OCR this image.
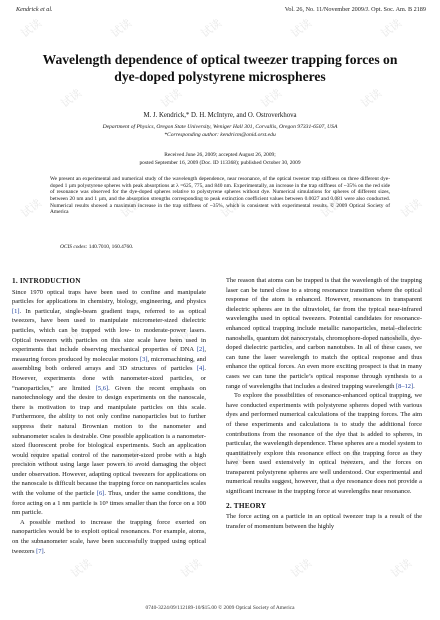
试读	试读	试读	试读	试读
试读	试读	试读	试读
试读	试读	试读	试读	试读
试读	试读	试读	试读
试读	试读	试读	试读
试读	试读	试读	试读
Kendrick et al.	Vol. 26, No. 11/November 2009/J. Opt. Soc. Am. B 2189
Wavelength dependence of optical tweezer trapping forces on dye-doped polystyrene microspheres
M. J. Kendrick,* D. H. McIntyre, and O. Ostroverkhova
Department of Physics, Oregon State University, Weniger Hall 301, Corvallis, Oregon 97331-6507, USA
*Corresponding author: kendricm@onid.orst.edu
Received June 26, 2009; accepted August 26, 2009;
posted September 16, 2009 (Doc. ID 113368); published October 30, 2009

We present an experimental and numerical study of the wavelength dependence, near resonance, of the optical tweezer trap stiffness on three different dye-doped 1 µm polystyrene spheres with peak absorptions at λ =625, 775, and 840 nm. Experimentally, an increase in the trap stiffness of ~35% on the red side of resonance was observed for the dye-doped spheres relative to polystyrene spheres without dye. Numerical simulations for spheres of different sizes, between 20 nm and 1 µm, and the absorption strengths corresponding to peak extinction coefficient values between 0.0027 and 0.081 were also conducted. Numerical results showed a maximum increase in the trap stiffness of ~35%, which is consistent with experimental results. © 2009 Optical Society of America

OCIS codes: 140.7010, 160.4760.

1. INTRODUCTION

Since 1970 optical traps have been used to confine and manipulate particles for applications in chemistry, biology, engineering, and physics [1]. In particular, single-beam gradient traps, referred to as optical tweezers, have been used to manipulate micrometer-sized dielectric particles, which can be trapped with low- to moderate-power lasers. Optical tweezers with particles on this size scale have been used in experiments that include observing mechanical properties of DNA [2], measuring forces produced by molecular motors [3], micromachining, and assembling both ordered arrays and 3D structures of particles [4]. However, experiments done with nanometer-sized particles, or “nanoparticles,” are limited [5,6]. Given the recent emphasis on nanotechnology and the desire to design experiments on the nanoscale, there is motivation to trap and manipulate particles on this scale. Furthermore, the ability to not only confine nanoparticles but to further suppress their natural Brownian motion to the nanometer and subnanometer scales is desirable. One possible application is a nanometer-sized fluorescent probe for biological experiments. Such an application would require spatial control of the nanometer-sized probe with a high precision without using large laser powers to avoid damaging the object under observation. However, adapting optical tweezers for applications on the nanoscale is difficult because the trapping force on nanoparticles scales with the volume of the particle [6]. Thus, under the same conditions, the force acting on a 1 nm particle is 10⁹ times smaller than the force on a 100 nm particle.

A possible method to increase the trapping force exerted on nanoparticles would be to exploit optical resonances. For example, atoms, on the subnanometer scale, have been successfully trapped using optical tweezers [7].

The reason that atoms can be trapped is that the wavelength of the trapping laser can be tuned close to a strong resonance transition where the optical response of the atom is enhanced. However, resonances in transparent dielectric spheres are in the ultraviolet, far from the typical near-infrared wavelengths used in optical tweezers. Potential candidates for resonance-enhanced optical trapping include metallic nanoparticles, metal–dielectric nanoshells, quantum dot nanocrystals, chromophore-doped nanoshells, dye-doped dielectric particles, and carbon nanotubes. In all of these cases, we can tune the laser wavelength to match the optical response and thus enhance the optical forces. An even more exciting prospect is that in many cases we can tune the particle’s optical response through synthesis to a range of wavelengths that includes a desired trapping wavelength [8–12].

To explore the possibilities of resonance-enhanced optical trapping, we have conducted experiments with polystyrene spheres doped with various dyes and performed numerical calculations of the trapping forces. The aim of these experiments and calculations is to study the additional force contributions from the resonance of the dye that is added to spheres, in particular, the wavelength dependence. These spheres are a model system to quantitatively explore this resonance effect on the trapping force as they have been used extensively in optical tweezers, and the forces on transparent polystyrene spheres are well understood. Our experimental and numerical results suggest, however, that a dye resonance does not provide a significant increase in the trapping force at wavelengths near resonance.

2. THEORY

The force acting on a particle in an optical tweezer trap is a result of the transfer of momentum between the highly

0740-3224/09/112189-10/$15.00 © 2009 Optical Society of America
